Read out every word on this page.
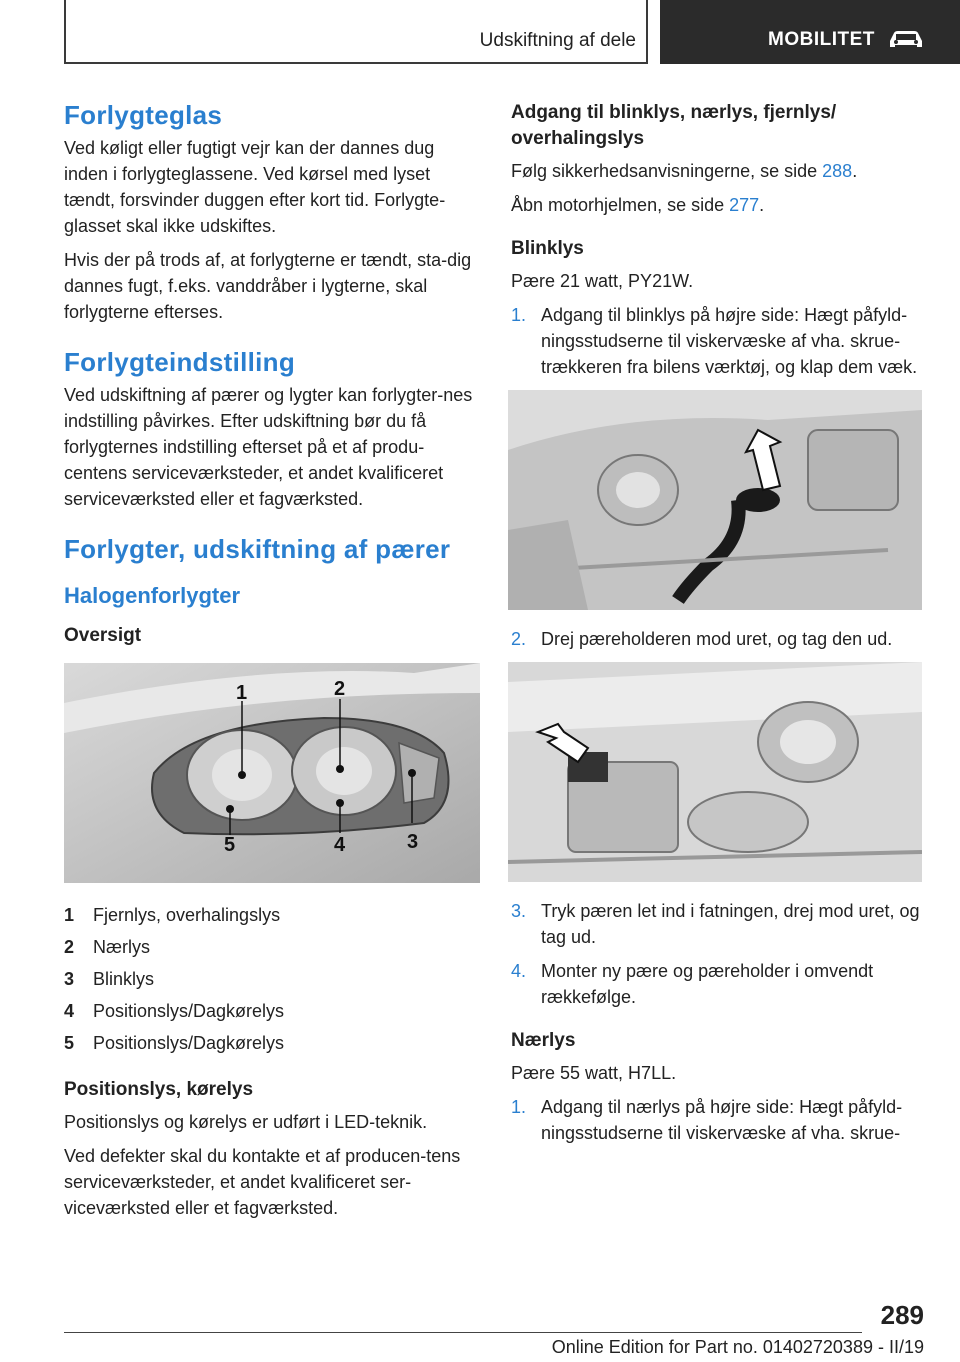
Udskiftning af dele	MOBILITET
Forlygteglas

Ved køligt eller fugtigt vejr kan der dannes dug inden i forlygteglassene. Ved kørsel med lyset tændt, forsvinder duggen efter kort tid. Forlygte‐glasset skal ikke udskiftes.

Hvis der på trods af, at forlygterne er tændt, sta‐dig dannes fugt, f.eks. vanddråber i lygterne, skal forlygterne efterses.

Forlygteindstilling

Ved udskiftning af pærer og lygter kan forlygter‐nes indstilling påvirkes. Efter udskiftning bør du få forlygternes indstilling efterset på et af produ‐centens serviceværksteder, et andet kvalificeret serviceværksted eller et fagværksted.

Forlygter, udskiftning af pærer
Halogenforlygter
Oversigt
1	2
3
4
5
1	Fjernlys, overhalingslys
2	Nærlys
3	Blinklys
4	Positionslys/Dagkørelys
5	Positionslys/Dagkørelys
Positionslys, kørelys

Positionslys og kørelys er udført i LED-teknik.

Ved defekter skal du kontakte et af producen‐tens serviceværksteder, et andet kvalificeret ser‐viceværksted eller et fagværksted.

Adgang til blinklys, nærlys, fjernlys/ overhalingslys

Følg sikkerhedsanvisningerne, se side 288.

Åbn motorhjelmen, se side 277.

Blinklys

Pære 21 watt, PY21W.

1. Adgang til blinklys på højre side: Hægt påfyld‐ningsstudserne til viskervæske af vha. skrue‐trækkeren fra bilens værktøj, og klap dem væk.
2. Drej pæreholderen mod uret, og tag den ud.
3. Tryk pæren let ind i fatningen, drej mod uret, og tag ud.
4. Monter ny pære og pæreholder i omvendt rækkefølge.
Nærlys

Pære 55 watt, H7LL.

1. Adgang til nærlys på højre side: Hægt påfyld‐ningsstudserne til viskervæske af vha. skrue‐
289
Online Edition for Part no. 01402720389 - II/19
